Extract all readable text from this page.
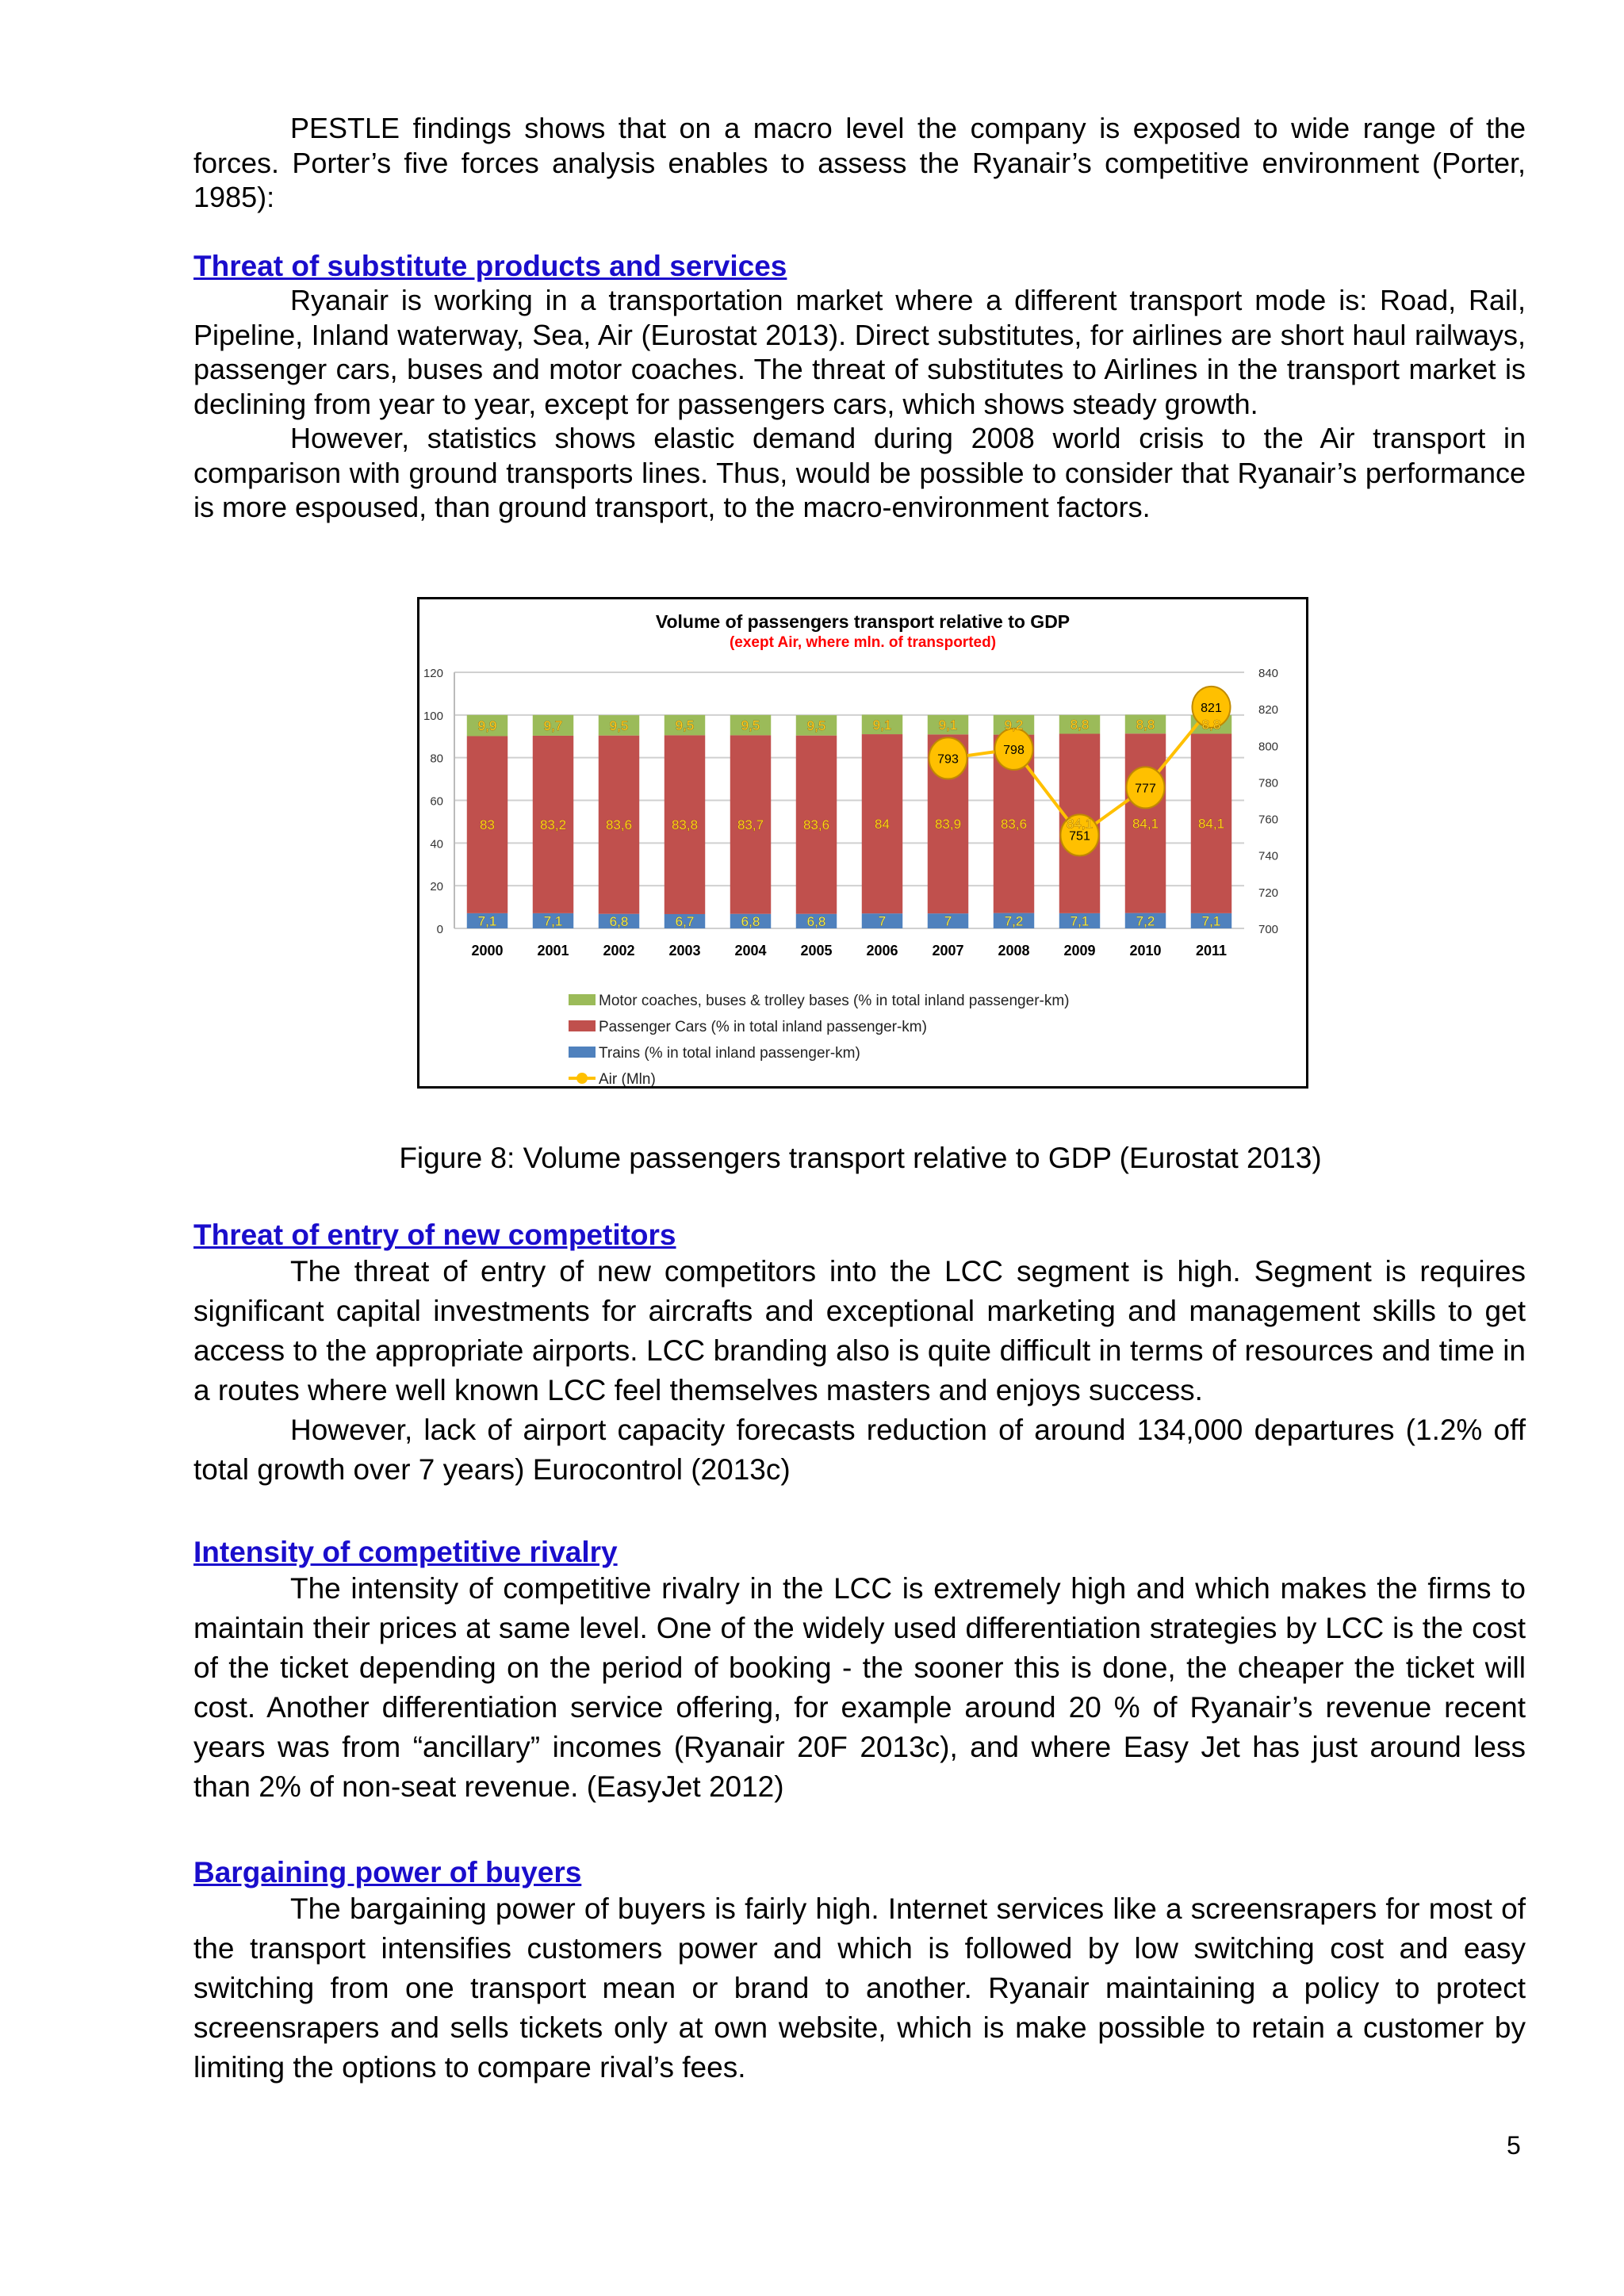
PESTLE findings shows that on a macro level the company is exposed to wide range of the forces. Porter’s five forces analysis enables to assess the Ryanair’s competitive environment (Porter, 1985):

Threat of substitute products and services

Ryanair is working in a transportation market where a different transport mode is: Road, Rail, Pipeline, Inland waterway, Sea, Air (Eurostat 2013). Direct substitutes, for airlines are short haul railways, passenger cars, buses and motor coaches. The threat of substitutes to Airlines in the transport market is declining from year to year, except for passengers cars, which shows steady growth.

However, statistics shows elastic demand during 2008 world crisis to the Air transport in comparison with ground transports lines. Thus, would be possible to consider that Ryanair’s performance is more espoused, than ground transport, to the macro-environment factors.

Volume of passengers transport relative to GDP
(exept Air, where mln. of transported)
0
20
40
60
80
100
120
700
720
740
760
780
800
820
840
2000 2001 2002 2003 2004 2005 2006 2007 2008 2009 2010 2011
7,1
83
9,9
7,1
83,2
9,7
6,8
83,6
9,5
6,7
83,8
9,5
6,8
83,7
9,5
6,8
83,6
9,5
7
84
9,1
7
83,9
9,1
7,2
83,6
9,2
7,1
84,1
8,8
7,2
84,1
8,8
7,1
84,1
8,8
793
798
751
777
821
Motor coaches, buses & trolley bases (% in total inland passenger-km)
Passenger Cars (% in total inland passenger-km)
Trains (% in total inland passenger-km)
Air (Mln)
Figure 8: Volume passengers transport relative to GDP (Eurostat 2013)

Threat of entry of new competitors

The threat of entry of new competitors into the LCC segment is high. Segment is requires significant capital investments for aircrafts and exceptional marketing and management skills to get access to the appropriate airports. LCC branding also is quite difficult in terms of resources and time in a routes where well known LCC feel themselves masters and enjoys success.

However, lack of airport capacity forecasts reduction of around 134,000 departures (1.2% off total growth over 7 years) Eurocontrol (2013c)

Intensity of competitive rivalry

The intensity of competitive rivalry in the LCC is extremely high and which makes the firms to maintain their prices at same level. One of the widely used differentiation strategies by LCC is the cost of the ticket depending on the period of booking - the sooner this is done, the cheaper the ticket will cost. Another differentiation service offering, for example around 20 % of Ryanair’s revenue recent years was from “ancillary” incomes (Ryanair 20F 2013c), and where Easy Jet has just around less than 2% of non-seat revenue. (EasyJet 2012)

Bargaining power of buyers

The bargaining power of buyers is fairly high. Internet services like a screensrapers for most of the transport intensifies customers power and which is followed by low switching cost and easy switching from one transport mean or brand to another. Ryanair maintaining a policy to protect screensrapers and sells tickets only at own website, which is make possible to retain a customer by limiting the options to compare rival’s fees.

5
